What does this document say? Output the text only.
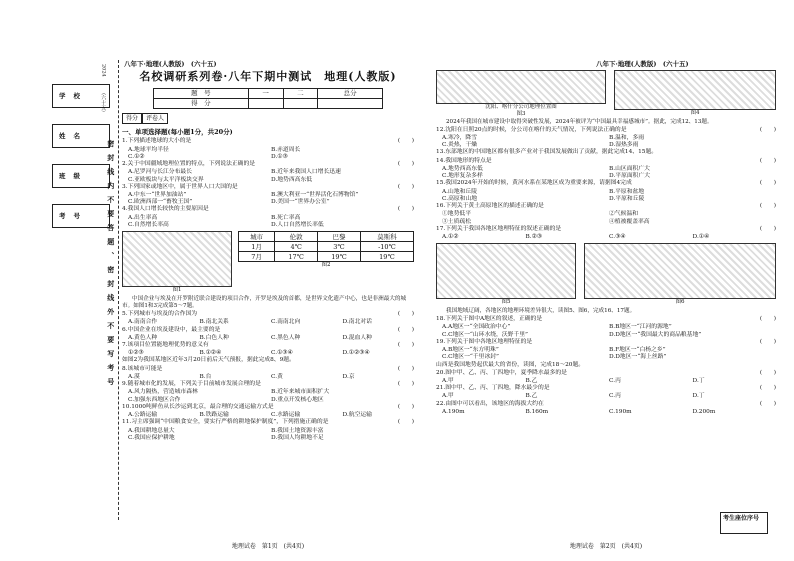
学校
姓名
班级
考号
2024
（六十五）
密封线内不要答题、密封线外不要写考号
八年下·地理(人教版)　(六十五)	八年下·地理(人教版)　(六十五)
名校调研系列卷·八年下期中测试　地理(人教版)
题　号	一	二	总分
得　分			
得分	评卷人
一、单项选择题(每小题1分，共20分)
1.下列描述地球的大小的是	(　　)
A.地球平均半径	B.赤道周长
C.①②	D.①③
2.关于中国疆域地理位置的特点，下列说法正确的是	(　　)
A.尼罗河与长江分布最长	B.近年来我国人口增长迅速
C.亚欧板块与太平洋板块交界	D.地势西高东低
3.下列国家或地区中，属于世界人口大国的是	(　　)
A.中东一“世界加油站”	B.澳大利亚一“世界活化石博物馆”
C.欧洲西部一“畜牧王国”	D.美国一“世界办公室”
4.我国人口增长较快的主要原因是	(　　)
A.出生率高	B.死亡率高
C.自然增长率高	D.人口自然增长率低
图1
城市	伦敦	巴黎	莫斯科
1月	4℃	3℃	-10℃
7月	17℃	19℃	19℃
图2
中国企业与埃及在开罗附近联合建设的项目合作，开罗是埃及的首都，是世界文化遗产中心，也是非洲最大的城市。如图1和3完成第5～7题。
5.下列城市与埃及的合作国为	(　　)
A.南南合作	B.南北关系	C.南南北向	D.南北对话
6.中国企业在埃及建设中，最主要的是	(　　)
A.黄色人种	B.白色人种	C.黑色人种	D.混血人种
7.该项目位置能地理优势的意义有	(　　)
①②③	B.①②④	C.①③④	D.①②③④
如图2为我国某地区近年3月20日前后天气预报，据此完成8、9题。
8.该城市可能是	(　　)
A.漠	B.台	C.黄	D.京
9.随着城市化的发展，下列关于目前城市发展合理的是	(　　)
A.风力隔热，营造城市森林	B.近年来城市面积扩大
C.加强东西地区合作	D.重点开发核心地区
10.1000吨鲜鱼从长沙运到北京，最合理的交通运输方式是	(　　)
A.公路运输	B.铁路运输	C.水路运输	D.航空运输
11.习主席强调“中国粮食安全，要实行严格的耕地保护制度”，下列措施正确的是	(　　)
A.我国耕地总量大	B.我国土地资源丰富
C.我国应保护耕地	D.我国人均耕地不足
地理试卷　第1页　(共4页)
沈阳、喀什分公司地理位置图
图3	图4
2024年我国在城市建设中取得突破性发展，2024年被评为“中国最具幸福感城市”。据此，完成12、13题。
12.沈阳在日照20点的时候，分公司在喀什的天气情况，下列说法正确的是	(　　)
A.寒冷，降雪	B.温和，多雨
C.炎热，干燥	D.湿热多雨
13.东部地区的中国地区都有很多产业对于我国发展做出了贡献，据此完成14、15题。
14.我国地形的特点是	(　　)
A.地势西高东低	B.山区面积广大
C.地形复杂多样	D.平原面积广大
15.我国2024年开始的时候，黄河水系在某地区成为重要来源，请据图4完成	(　　)
A.山地和丘陵	B.平原和盆地
C.高原和山地	D.平原和丘陵
16.下列关于黄土高原地区的描述正确的是	(　　)
①地势低平	②气候温和
③土质疏松	④植被覆盖率高
17.下列关于我国各地区地理特征的叙述正确的是	(　　)
A.①②	B.②③	C.③④	D.①④
图5	图6
我国地域辽阔，各地区的地理环境差异很大，读图5、图6，完成16、17题。
18.下列关于图中A地区的叙述，正确的是	(　　)
A.A地区一“全国政治中心”	B.B地区一“江河的源地”
C.C地区一“山环水绕，沃野千里”	D.D地区一“我国最大的商品粮基地”
19.下列关于图中各地区地理特征的是	(　　)
A.B地区一“东方明珠”	B.F地区一“白杨之乡”
C.C地区一“千里冰封”	D.D地区一“海上丝路”
山西是我国地势起伏最大的省份，读图，完成18～20题。
20.图中甲、乙、丙、丁四地中，夏季降水最多的是	(　　)
A.甲	B.乙	C.丙	D.丁
21.图中甲、乙、丙、丁四地，降水最少的是	(　　)
A.甲	B.乙	C.丙	D.丁
22.由图中可以看出，该地区的海拔大约在	(　　)
A.190m	B.160m	C.190m	D.200m
考生座位序号
地理试卷　第2页　(共4页)
